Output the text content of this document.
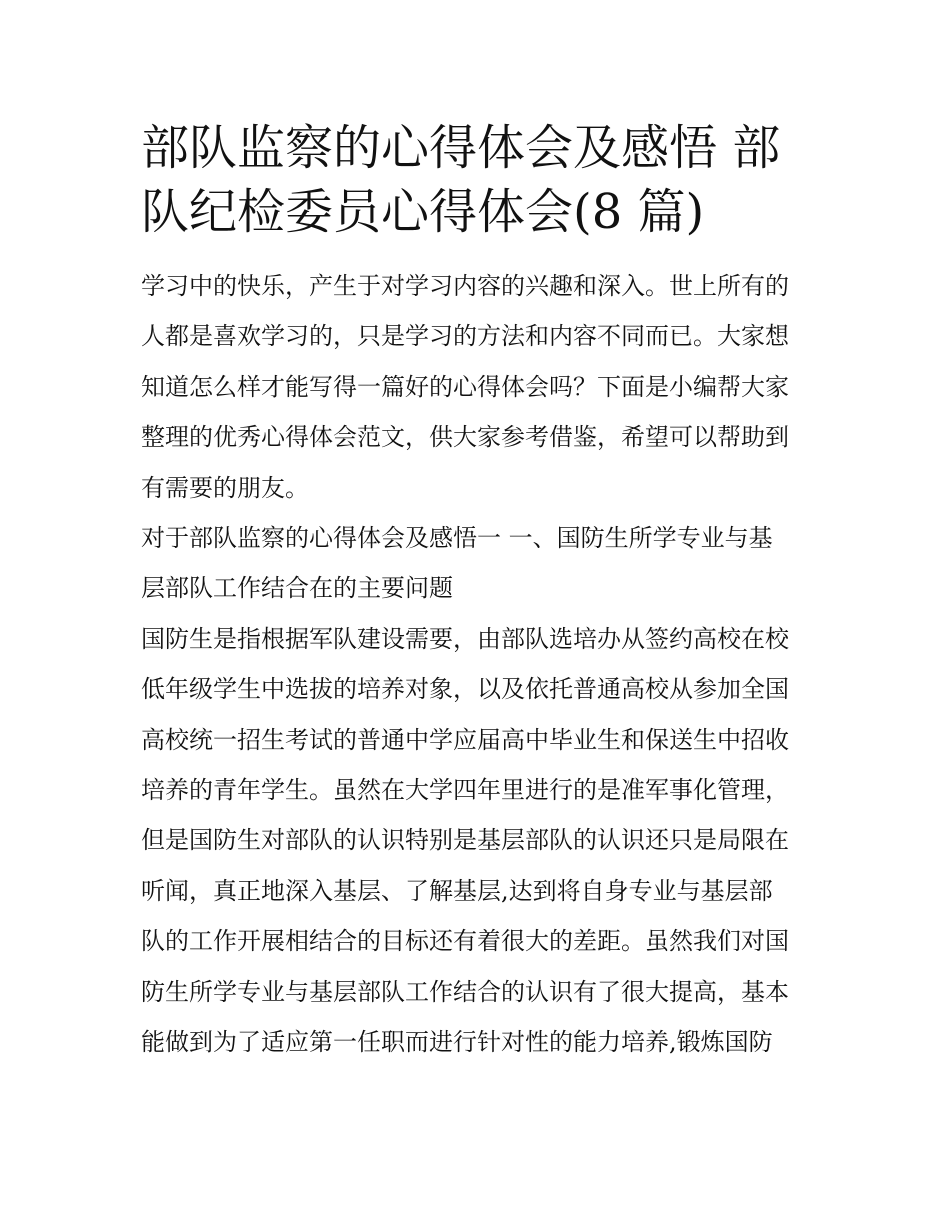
部队监察的心得体会及感悟 部
队纪检委员心得体会(8 篇)
学习中的快乐，产生于对学习内容的兴趣和深入。世上所有的
人都是喜欢学习的，只是学习的方法和内容不同而已。大家想
知道怎么样才能写得一篇好的心得体会吗？下面是小编帮大家
整理的优秀心得体会范文，供大家参考借鉴，希望可以帮助到
有需要的朋友。
对于部队监察的心得体会及感悟一 一、国防生所学专业与基
层部队工作结合在的主要问题
国防生是指根据军队建设需要，由部队选培办从签约高校在校
低年级学生中选拔的培养对象，以及依托普通高校从参加全国
高校统一招生考试的普通中学应届高中毕业生和保送生中招收
培养的青年学生。虽然在大学四年里进行的是准军事化管理，
但是国防生对部队的认识特别是基层部队的认识还只是局限在
听闻，真正地深入基层、了解基层,达到将自身专业与基层部
队的工作开展相结合的目标还有着很大的差距。虽然我们对国
防生所学专业与基层部队工作结合的认识有了很大提高，基本
能做到为了适应第一任职而进行针对性的能力培养,锻炼国防
